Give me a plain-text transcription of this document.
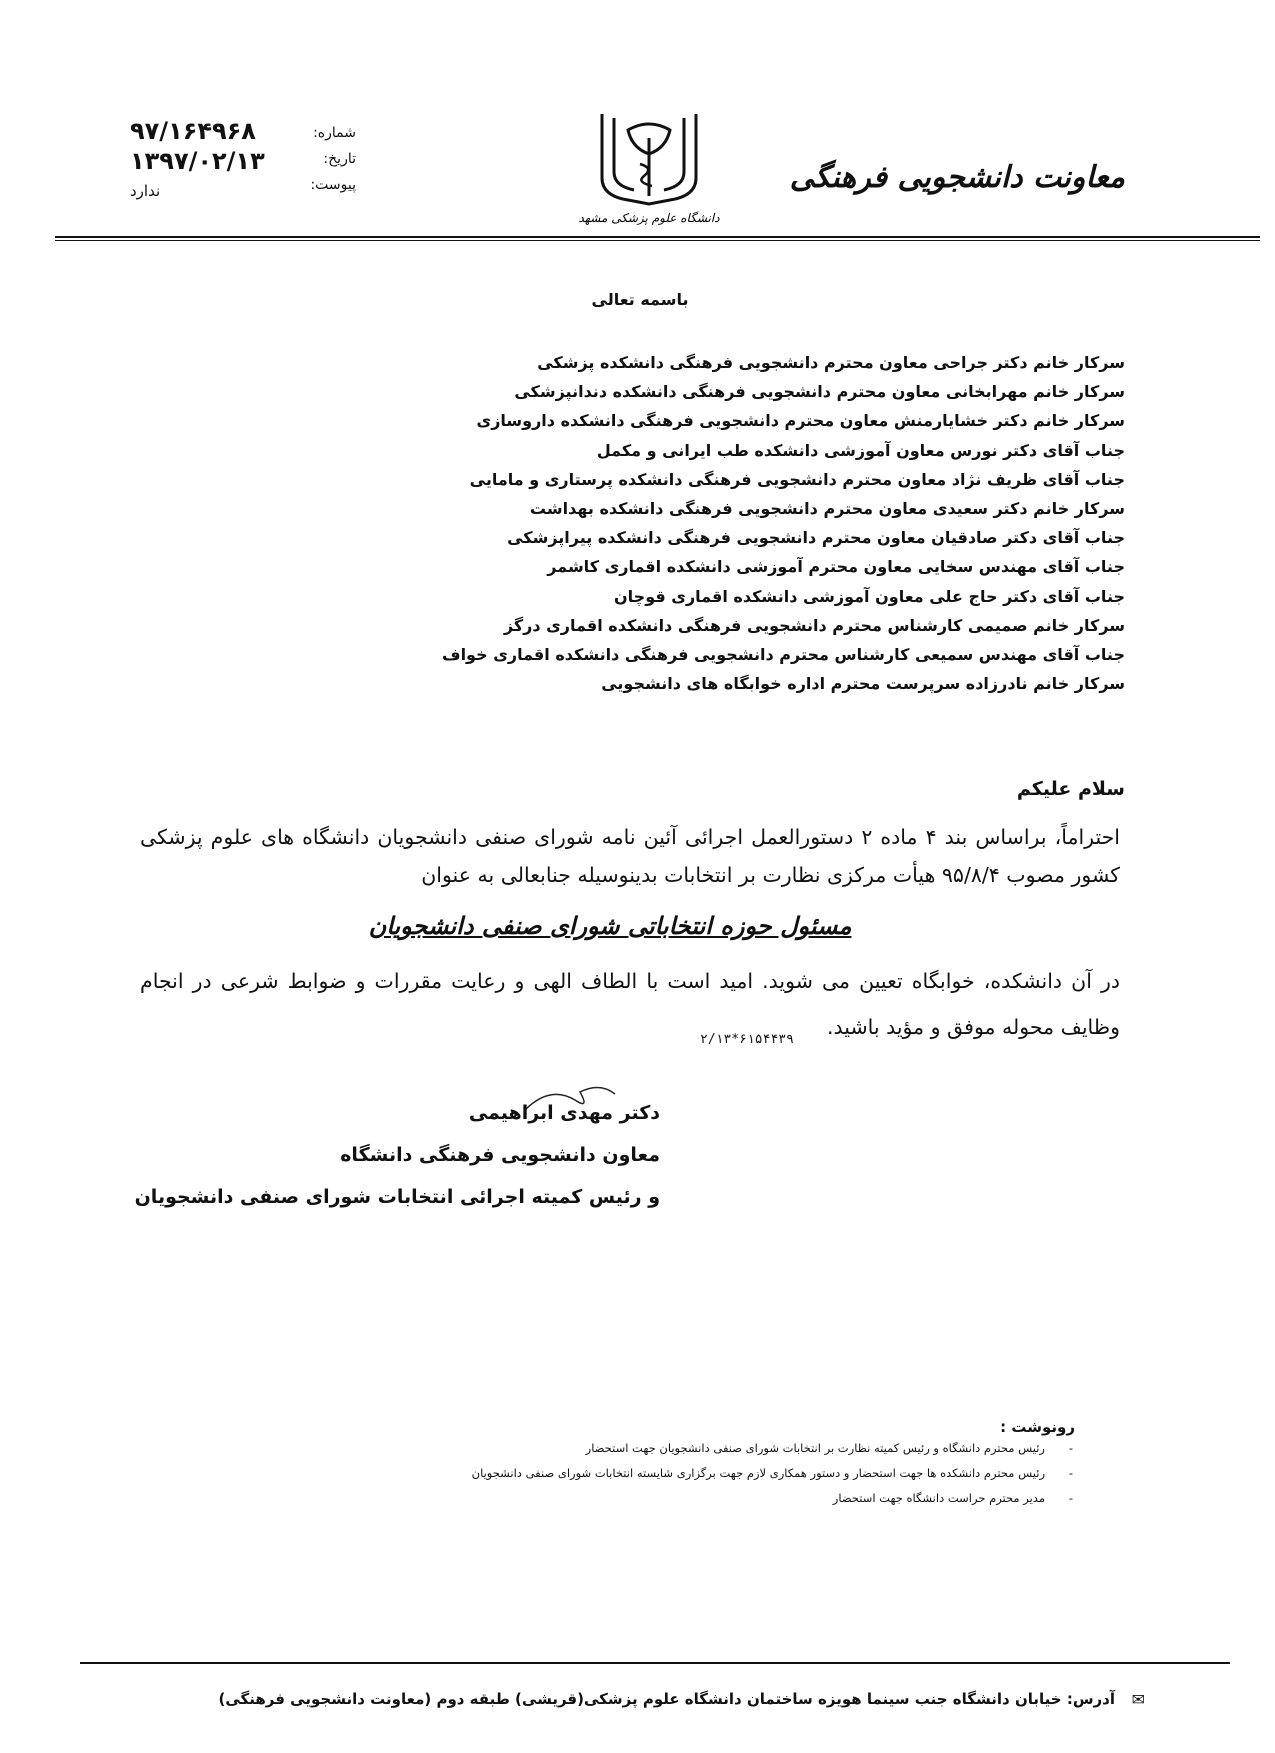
شماره:
تاریخ:
پیوست:
۹۷/۱۶۴۹۶۸
۱۳۹۷/۰۲/۱۳
ندارد
دانشگاه علوم پزشکی مشهد
معاونت دانشجویی فرهنگی
باسمه تعالی
سرکار خانم دکتر جراحی معاون محترم دانشجویی فرهنگی دانشکده پزشکی
سرکار خانم مهرابخانی معاون محترم دانشجویی فرهنگی دانشکده دندانپزشکی
سرکار خانم دکتر خشایارمنش معاون محترم دانشجویی فرهنگی دانشکده داروسازی
جناب آقای دکتر نورس معاون آموزشی دانشکده طب ایرانی و مکمل
جناب آقای ظریف نژاد معاون محترم دانشجویی فرهنگی دانشکده پرستاری و مامایی
سرکار خانم دکتر سعیدی معاون محترم دانشجویی فرهنگی دانشکده بهداشت
جناب آقای دکتر صادقیان معاون محترم دانشجویی فرهنگی دانشکده پیراپزشکی
جناب آقای مهندس سخایی معاون محترم آموزشی دانشکده اقماری کاشمر
جناب آقای دکتر حاج علی معاون آموزشی دانشکده اقماری قوچان
سرکار خانم صمیمی کارشناس محترم دانشجویی فرهنگی دانشکده اقماری درگز
جناب آقای مهندس سمیعی کارشناس محترم دانشجویی فرهنگی دانشکده اقماری خواف
سرکار خانم نادرزاده سرپرست محترم اداره خوابگاه های دانشجویی
سلام علیکم
احتراماً، براساس بند ۴ ماده ۲ دستورالعمل اجرائی آئین نامه شورای صنفی دانشجویان دانشگاه های علوم پزشکی کشور مصوب ۹۵/۸/۴ هیأت مرکزی نظارت بر انتخابات بدینوسیله جنابعالی به عنوان
مسئول حوزه انتخاباتی شورای صنفی دانشجویان
در آن دانشکده، خوابگاه تعیین می شوید. امید است با الطاف الهی و رعایت مقررات و ضوابط شرعی در انجام وظایف محوله موفق و مؤید باشید.
۲/۱۳*۶۱۵۴۴۳۹
دکتر مهدی ابراهیمی
معاون دانشجویی فرهنگی دانشگاه
و رئیس کمیته اجرائی انتخابات شورای صنفی دانشجویان
رونوشت :
- رئیس محترم دانشگاه و رئیس کمیته نظارت بر انتخابات شورای صنفی دانشجویان جهت استحضار
- رئیس محترم دانشکده ها جهت استحضار و دستور همکاری لازم جهت برگزاری شایسته انتخابات شورای صنفی دانشجویان
- مدیر محترم حراست دانشگاه جهت استحضار
✉
آدرس: خیابان دانشگاه جنب سینما هویزه ساختمان دانشگاه علوم پزشکی(قریشی) طبقه دوم (معاونت دانشجویی فرهنگی)
